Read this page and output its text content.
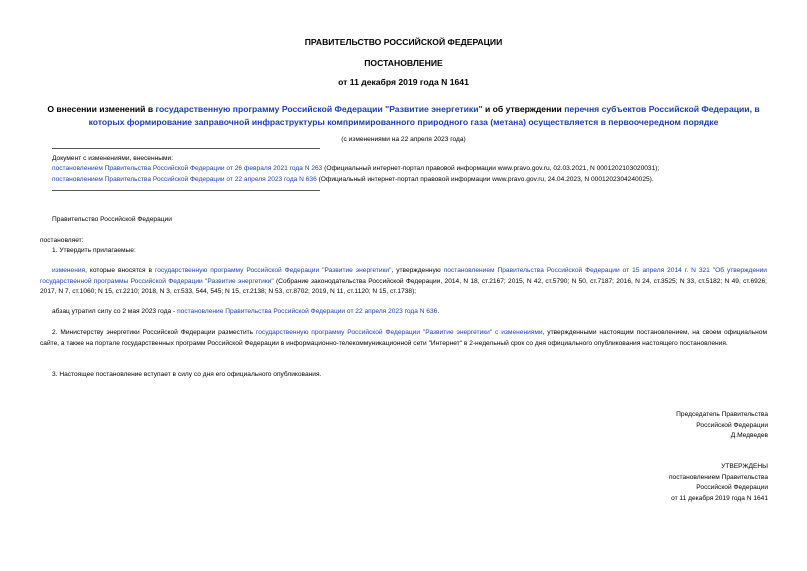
ПРАВИТЕЛЬСТВО РОССИЙСКОЙ ФЕДЕРАЦИИ
ПОСТАНОВЛЕНИЕ
от 11 декабря 2019 года N 1641
О внесении изменений в государственную программу Российской Федерации "Развитие энергетики" и об утверждении перечня субъектов Российской Федерации, в которых формирование заправочной инфраструктуры компримированного природного газа (метана) осуществляется в первоочередном порядке
(с изменениями на 22 апреля 2023 года)
Документ с изменениями, внесенными:
постановлением Правительства Российской Федерации от 26 февраля 2021 года N 263 (Официальный интернет-портал правовой информации www.pravo.gov.ru, 02.03.2021, N 0001202103020031);
постановлением Правительства Российской Федерации от 22 апреля 2023 года N 636 (Официальный интернет-портал правовой информации www.pravo.gov.ru, 24.04.2023, N 0001202304240025).
Правительство Российской Федерации
постановляет:
1. Утвердить прилагаемые:
изменения, которые вносятся в государственную программу Российской Федерации "Развитие энергетики", утвержденную постановлением Правительства Российской Федерации от 15 апреля 2014 г. N 321 "Об утверждении государственной программы Российской Федерации "Развитие энергетики" (Собрание законодательства Российской Федерации, 2014, N 18, ст.2167; 2015, N 42, ст.5790; N 50, ст.7187; 2016, N 24, ст.3525; N 33, ст.5182; N 49, ст.6926; 2017, N 7, ст.1060; N 15, ст.2210; 2018, N 3, ст.533, 544, 545; N 15, ст.2138; N 53, ст.8702; 2019, N 11, ст.1120; N 15, ст.1738);
абзац утратил силу со 2 мая 2023 года - постановление Правительства Российской Федерации от 22 апреля 2023 года N 636.
2. Министерству энергетики Российской Федерации разместить государственную программу Российской Федерации "Развитие энергетики" с изменениями, утвержденными настоящим постановлением, на своем официальном сайте, а также на портале государственных программ Российской Федерации в информационно-телекоммуникационной сети "Интернет" в 2-недельный срок со дня официального опубликования настоящего постановления.
3. Настоящее постановление вступает в силу со дня его официального опубликования.
Председатель Правительства
Российской Федерации
Д.Медведев
УТВЕРЖДЕНЫ
постановлением Правительства
Российской Федерации
от 11 декабря 2019 года N 1641
